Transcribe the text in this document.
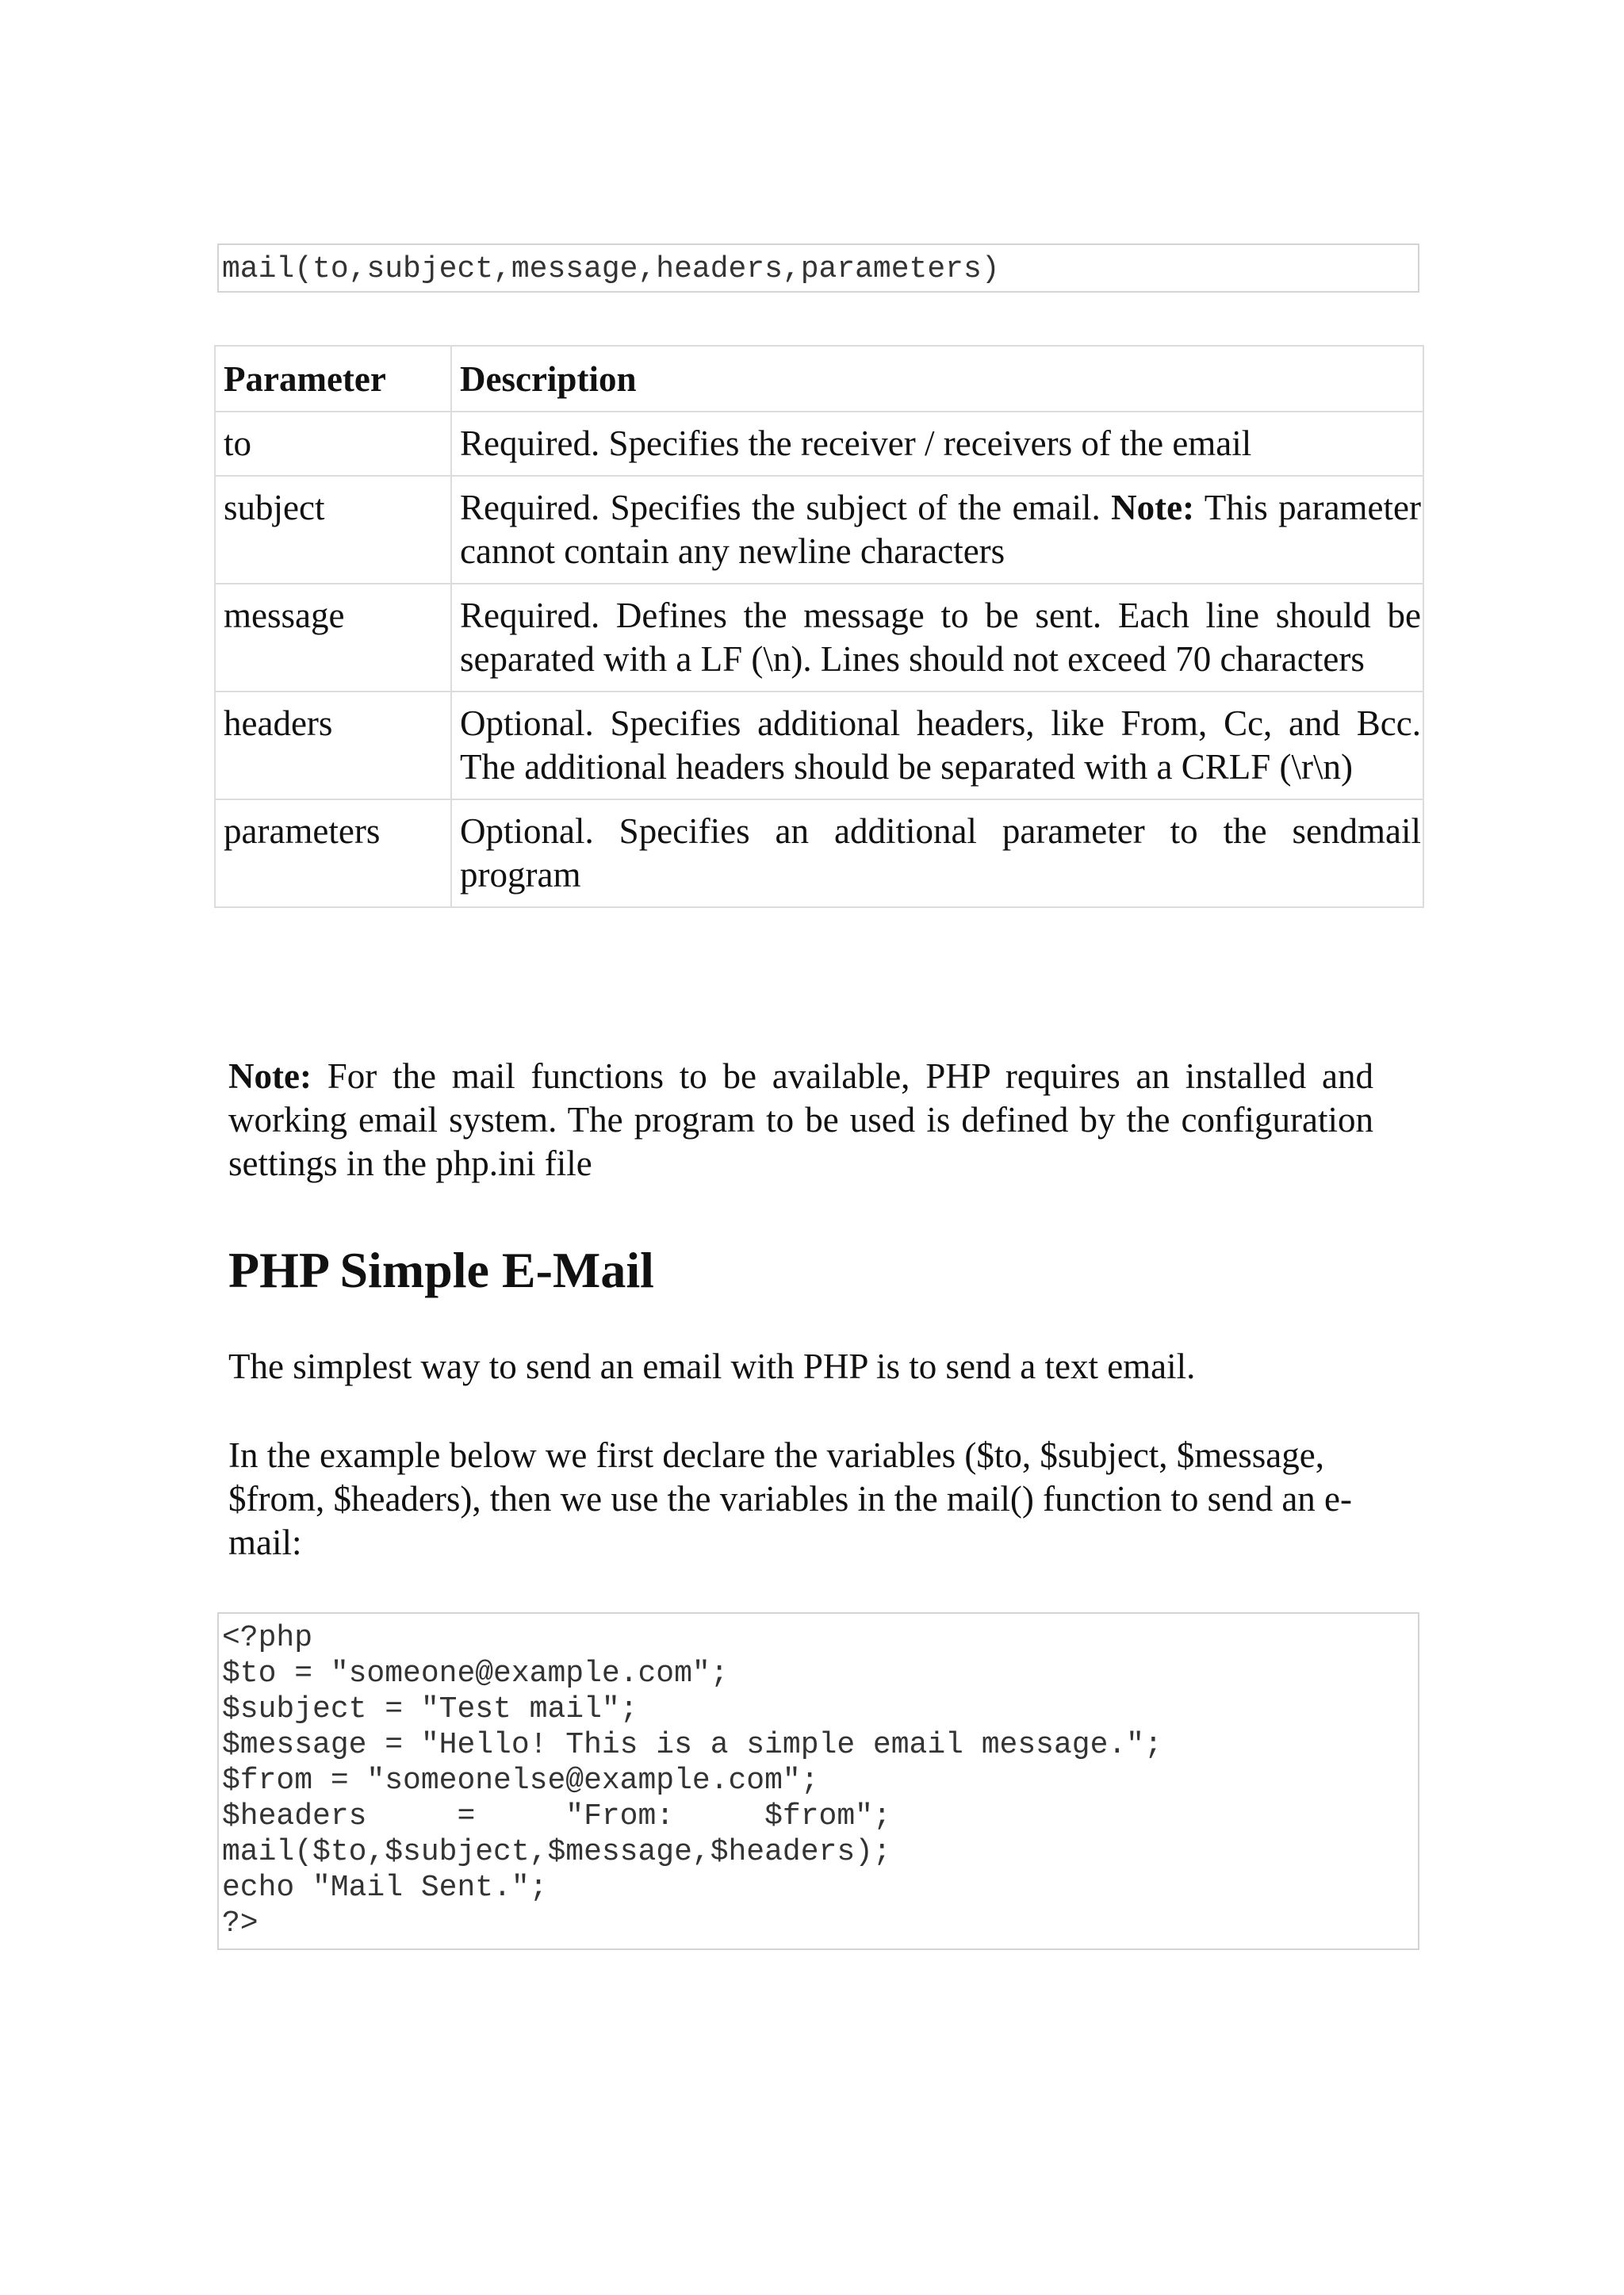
mail(to,subject,message,headers,parameters)
Parameter	Description
to	Required. Specifies the receiver / receivers of the email
subject	Required. Specifies the subject of the email. Note: This parameter cannot contain any newline characters
message	Required. Defines the message to be sent. Each line should be separated with a LF (\n). Lines should not exceed 70 characters
headers	Optional. Specifies additional headers, like From, Cc, and Bcc. The additional headers should be separated with a CRLF (\r\n)
parameters	Optional. Specifies an additional parameter to the sendmail program
Note: For the mail functions to be available, PHP requires an installed and working email system. The program to be used is defined by the configuration settings in the php.ini file
PHP Simple E-Mail

The simplest way to send an email with PHP is to send a text email.

In the example below we first declare the variables ($to, $subject, $message, $from, $headers), then we use the variables in the mail() function to send an e-mail:

<?php
$to = "someone@example.com";
$subject = "Test mail";
$message = "Hello! This is a simple email message.";
$from = "someonelse@example.com";
$headers     =     "From:     $from";
mail($to,$subject,$message,$headers);
echo "Mail Sent.";
?>
